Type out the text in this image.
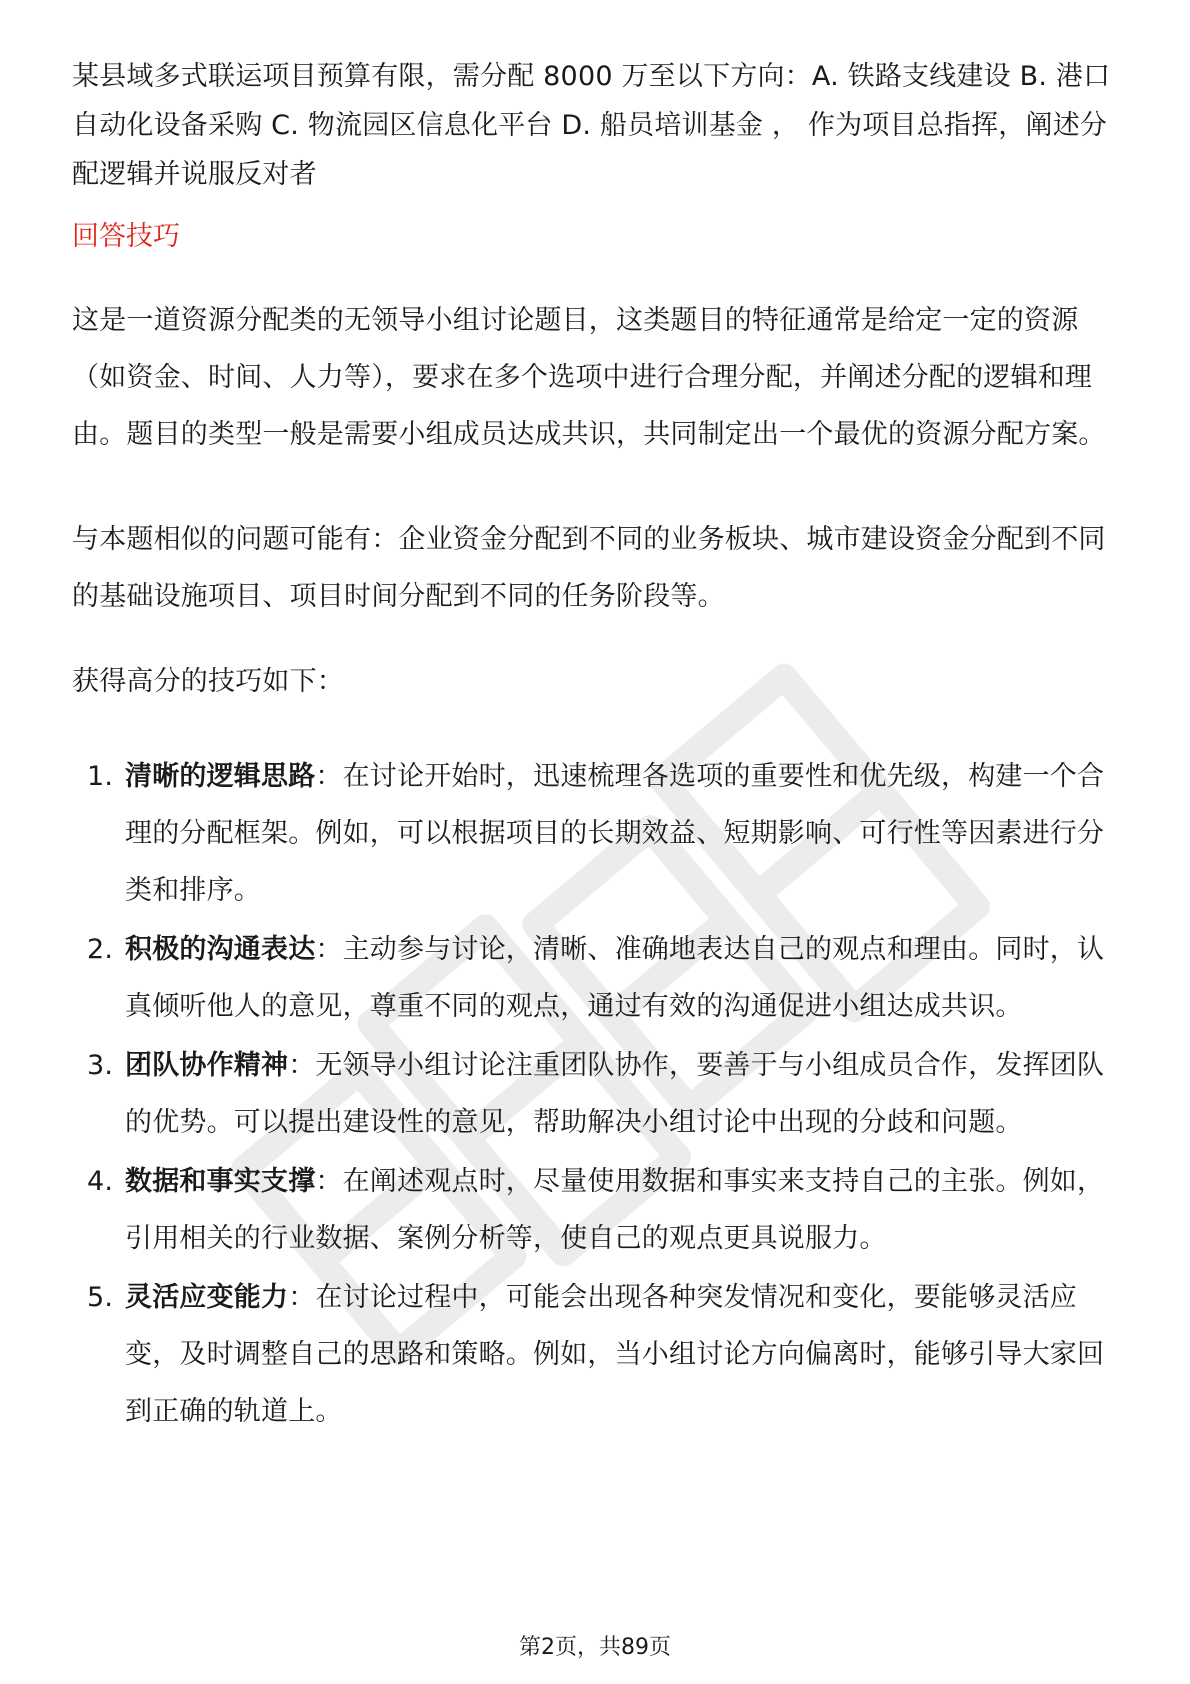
某县域多式联运项目预算有限，需分配 8000 万至以下方向：A. 铁路支线建设 B. 港口自动化设备采购 C. 物流园区信息化平台 D. 船员培训基金 ， 作为项目总指挥，阐述分配逻辑并说服反对者

回答技巧

这是一道资源分配类的无领导小组讨论题目，这类题目的特征通常是给定一定的资源（如资金、时间、人力等），要求在多个选项中进行合理分配，并阐述分配的逻辑和理由。题目的类型一般是需要小组成员达成共识，共同制定出一个最优的资源分配方案。

与本题相似的问题可能有：企业资金分配到不同的业务板块、城市建设资金分配到不同的基础设施项目、项目时间分配到不同的任务阶段等。

获得高分的技巧如下：

1. 清晰的逻辑思路：在讨论开始时，迅速梳理各选项的重要性和优先级，构建一个合理的分配框架。例如，可以根据项目的长期效益、短期影响、可行性等因素进行分类和排序。
2. 积极的沟通表达：主动参与讨论，清晰、准确地表达自己的观点和理由。同时，认真倾听他人的意见，尊重不同的观点，通过有效的沟通促进小组达成共识。
3. 团队协作精神：无领导小组讨论注重团队协作，要善于与小组成员合作，发挥团队的优势。可以提出建设性的意见，帮助解决小组讨论中出现的分歧和问题。
4. 数据和事实支撑：在阐述观点时，尽量使用数据和事实来支持自己的主张。例如，引用相关的行业数据、案例分析等，使自己的观点更具说服力。
5. 灵活应变能力：在讨论过程中，可能会出现各种突发情况和变化，要能够灵活应变，及时调整自己的思路和策略。例如，当小组讨论方向偏离时，能够引导大家回到正确的轨道上。
第2页，共89页
